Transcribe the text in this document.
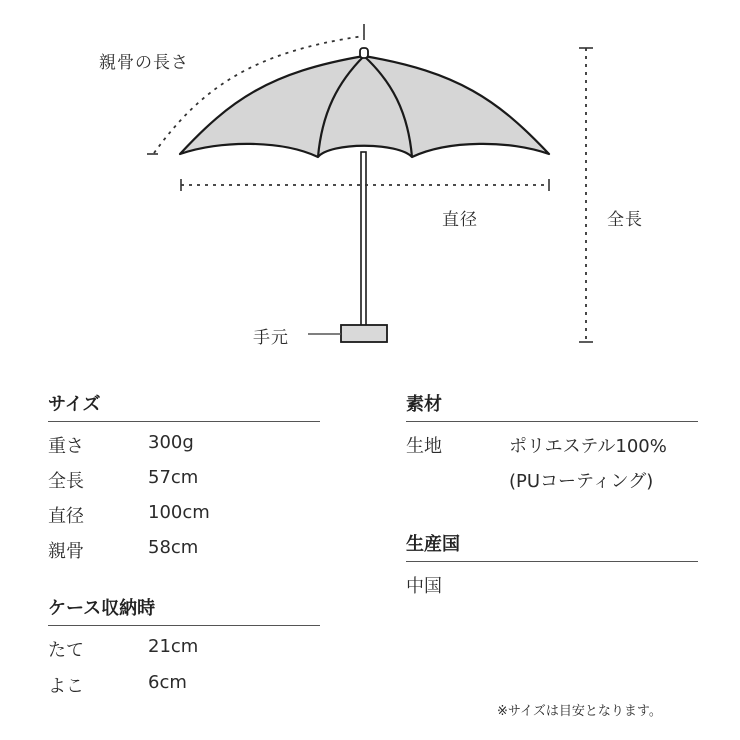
親骨の長さ
直径	全長
手元
サイズ
重さ	300g
全長	57cm
直径	100cm
親骨	58cm
ケース収納時
たて	21cm
よこ	6cm
素材
生地	ポリエステル100%
(PUコーティング)
生産国
中国
※サイズは目安となります。
